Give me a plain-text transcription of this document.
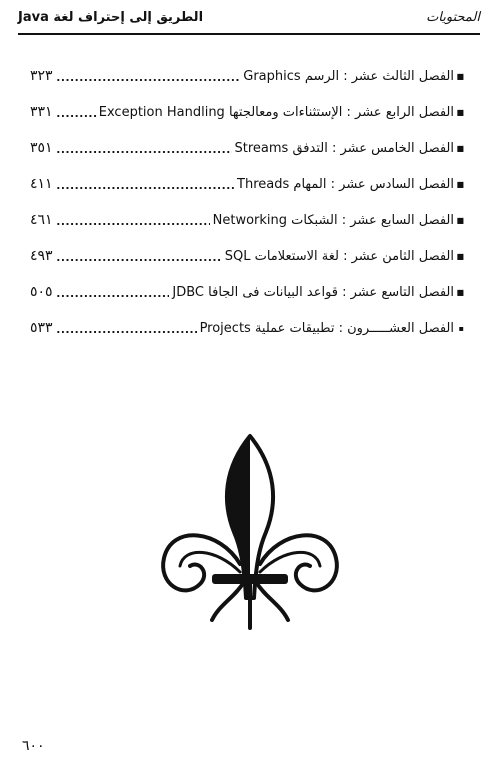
الطريق إلى إحتراف لغة Java	المحتويات
■
الفصل الثالث عشر : الرسم Graphics
٣٢٣
■
الفصل الرابع عشر : الإستثناءات ومعالجتها Exception Handling
٣٣١
■
الفصل الخامس عشر : التدفق Streams
٣٥١
■
الفصل السادس عشر : المهام Threads
٤١١
■
الفصل السابع عشر : الشبكات Networking
٤٦١
■
الفصل الثامن عشر : لغة الاستعلامات SQL
٤٩٣
■
الفصل التاسع عشر : قواعد البيانات فى الجافا JDBC
٥٠٥
▪
الفصل العشـــــرون : تطبيقات عملية Projects
٥٣٣
٦٠٠
